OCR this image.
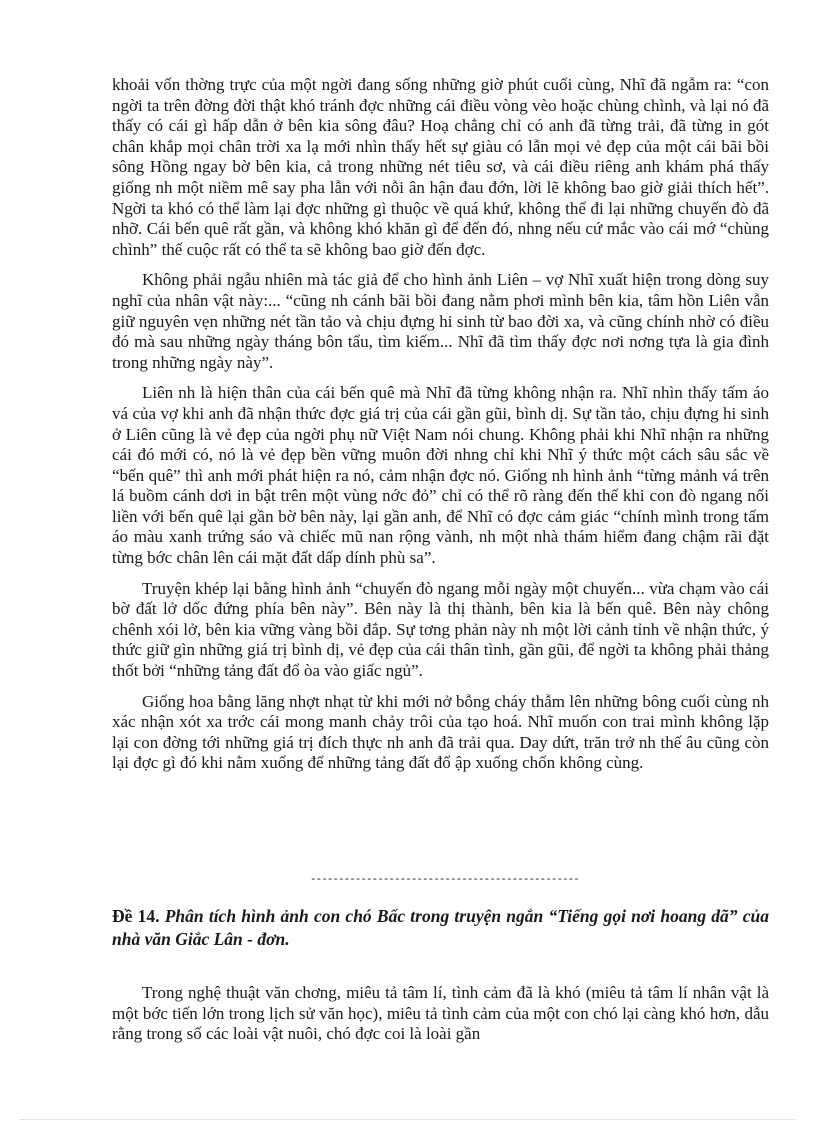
khoải vốn thờng trực của một ngời đang sống những giờ phút cuối cùng, Nhĩ đã ngẫm ra: “con ngời ta trên đờng đời thật khó tránh đợc những cái điều vòng vèo hoặc chùng chình, và lại nó đã thấy có cái gì hấp dẫn ở bên kia sông đâu? Hoạ chẳng chỉ có anh đã từng trải, đã từng in gót chân khắp mọi chân trời xa lạ mới nhìn thấy hết sự giàu có lẫn mọi vẻ đẹp của một cái bãi bồi sông Hồng ngay bờ bên kia, cả trong những nét tiêu sơ, và cái điều riêng anh khám phá thấy giống nh một niềm mê say pha lẫn với nỗi ân hận đau đớn, lời lẽ không bao giờ giải thích hết”. Ngời ta khó có thể làm lại đợc những gì thuộc về quá khứ, không thể đi lại những chuyến đò đã nhỡ. Cái bến quê rất gần, và không khó khăn gì để đến đó, nhng nếu cứ mắc vào cái mớ “chùng chình” thế cuộc rất có thể ta sẽ không bao giờ đến đợc.

Không phải ngẫu nhiên mà tác giả để cho hình ảnh Liên – vợ Nhĩ xuất hiện trong dòng suy nghĩ của nhân vật này:... “cũng nh cánh bãi bồi đang nằm phơi mình bên kia, tâm hồn Liên vẫn giữ nguyên vẹn những nét tần tảo và chịu đựng hi sinh từ bao đời xa, và cũng chính nhờ có điều đó mà sau những ngày tháng bôn tẩu, tìm kiếm... Nhĩ đã tìm thấy đợc nơi nơng tựa là gia đình trong những ngày này”.

Liên nh là hiện thân của cái bến quê mà Nhĩ đã từng không nhận ra. Nhĩ nhìn thấy tấm áo vá của vợ khi anh đã nhận thức đợc giá trị của cái gần gũi, bình dị. Sự tần tảo, chịu đựng hi sinh ở Liên cũng là vẻ đẹp của ngời phụ nữ Việt Nam nói chung. Không phải khi Nhĩ nhận ra những cái đó mới có, nó là vẻ đẹp bền vững muôn đời nhng chỉ khi Nhĩ ý thức một cách sâu sắc về “bến quê” thì anh mới phát hiện ra nó, cảm nhận đợc nó. Giống nh hình ảnh “từng mảnh vá trên lá buồm cánh dơi in bật trên một vùng nớc đỏ” chỉ có thể rõ ràng đến thế khi con đò ngang nối liền với bến quê lại gần bờ bên này, lại gần anh, để Nhĩ có đợc cảm giác “chính mình trong tấm áo màu xanh trứng sáo và chiếc mũ nan rộng vành, nh một nhà thám hiểm đang chậm rãi đặt từng bớc chân lên cái mặt đất dấp dính phù sa”.

Truyện khép lại bằng hình ảnh “chuyến đò ngang mỗi ngày một chuyến... vừa chạm vào cái bờ đất lở dốc đứng phía bên này”. Bên này là thị thành, bên kia là bến quê. Bên này chông chênh xói lở, bên kia vững vàng bồi đắp. Sự tơng phản này nh một lời cảnh tỉnh về nhận thức, ý thức giữ gìn những giá trị bình dị, vẻ đẹp của cái thân tình, gần gũi, để ngời ta không phải thảng thốt bởi “những tảng đất đổ òa vào giấc ngủ”.

Giống hoa bằng lăng nhợt nhạt từ khi mới nở bỗng cháy thẫm lên những bông cuối cùng nh xác nhận xót xa trớc cái mong manh chảy trôi của tạo hoá. Nhĩ muốn con trai mình không lặp lại con đờng tới những giá trị đích thực nh anh đã trải qua. Day dứt, trăn trở nh thế âu cũng còn lại đợc gì đó khi nằm xuống để những tảng đất đổ ập xuống chốn không cùng.

------------------------------------------------
Đề 14. Phân tích hình ảnh con chó Bấc trong truyện ngắn “Tiếng gọi nơi hoang dã” của nhà văn Giắc Lân - đơn.

Trong nghệ thuật văn chơng, miêu tả tâm lí, tình cảm đã là khó (miêu tả tâm lí nhân vật là một bớc tiến lớn trong lịch sử văn học), miêu tả tình cảm của một con chó lại càng khó hơn, dẫu rằng trong số các loài vật nuôi, chó đợc coi là loài gần
